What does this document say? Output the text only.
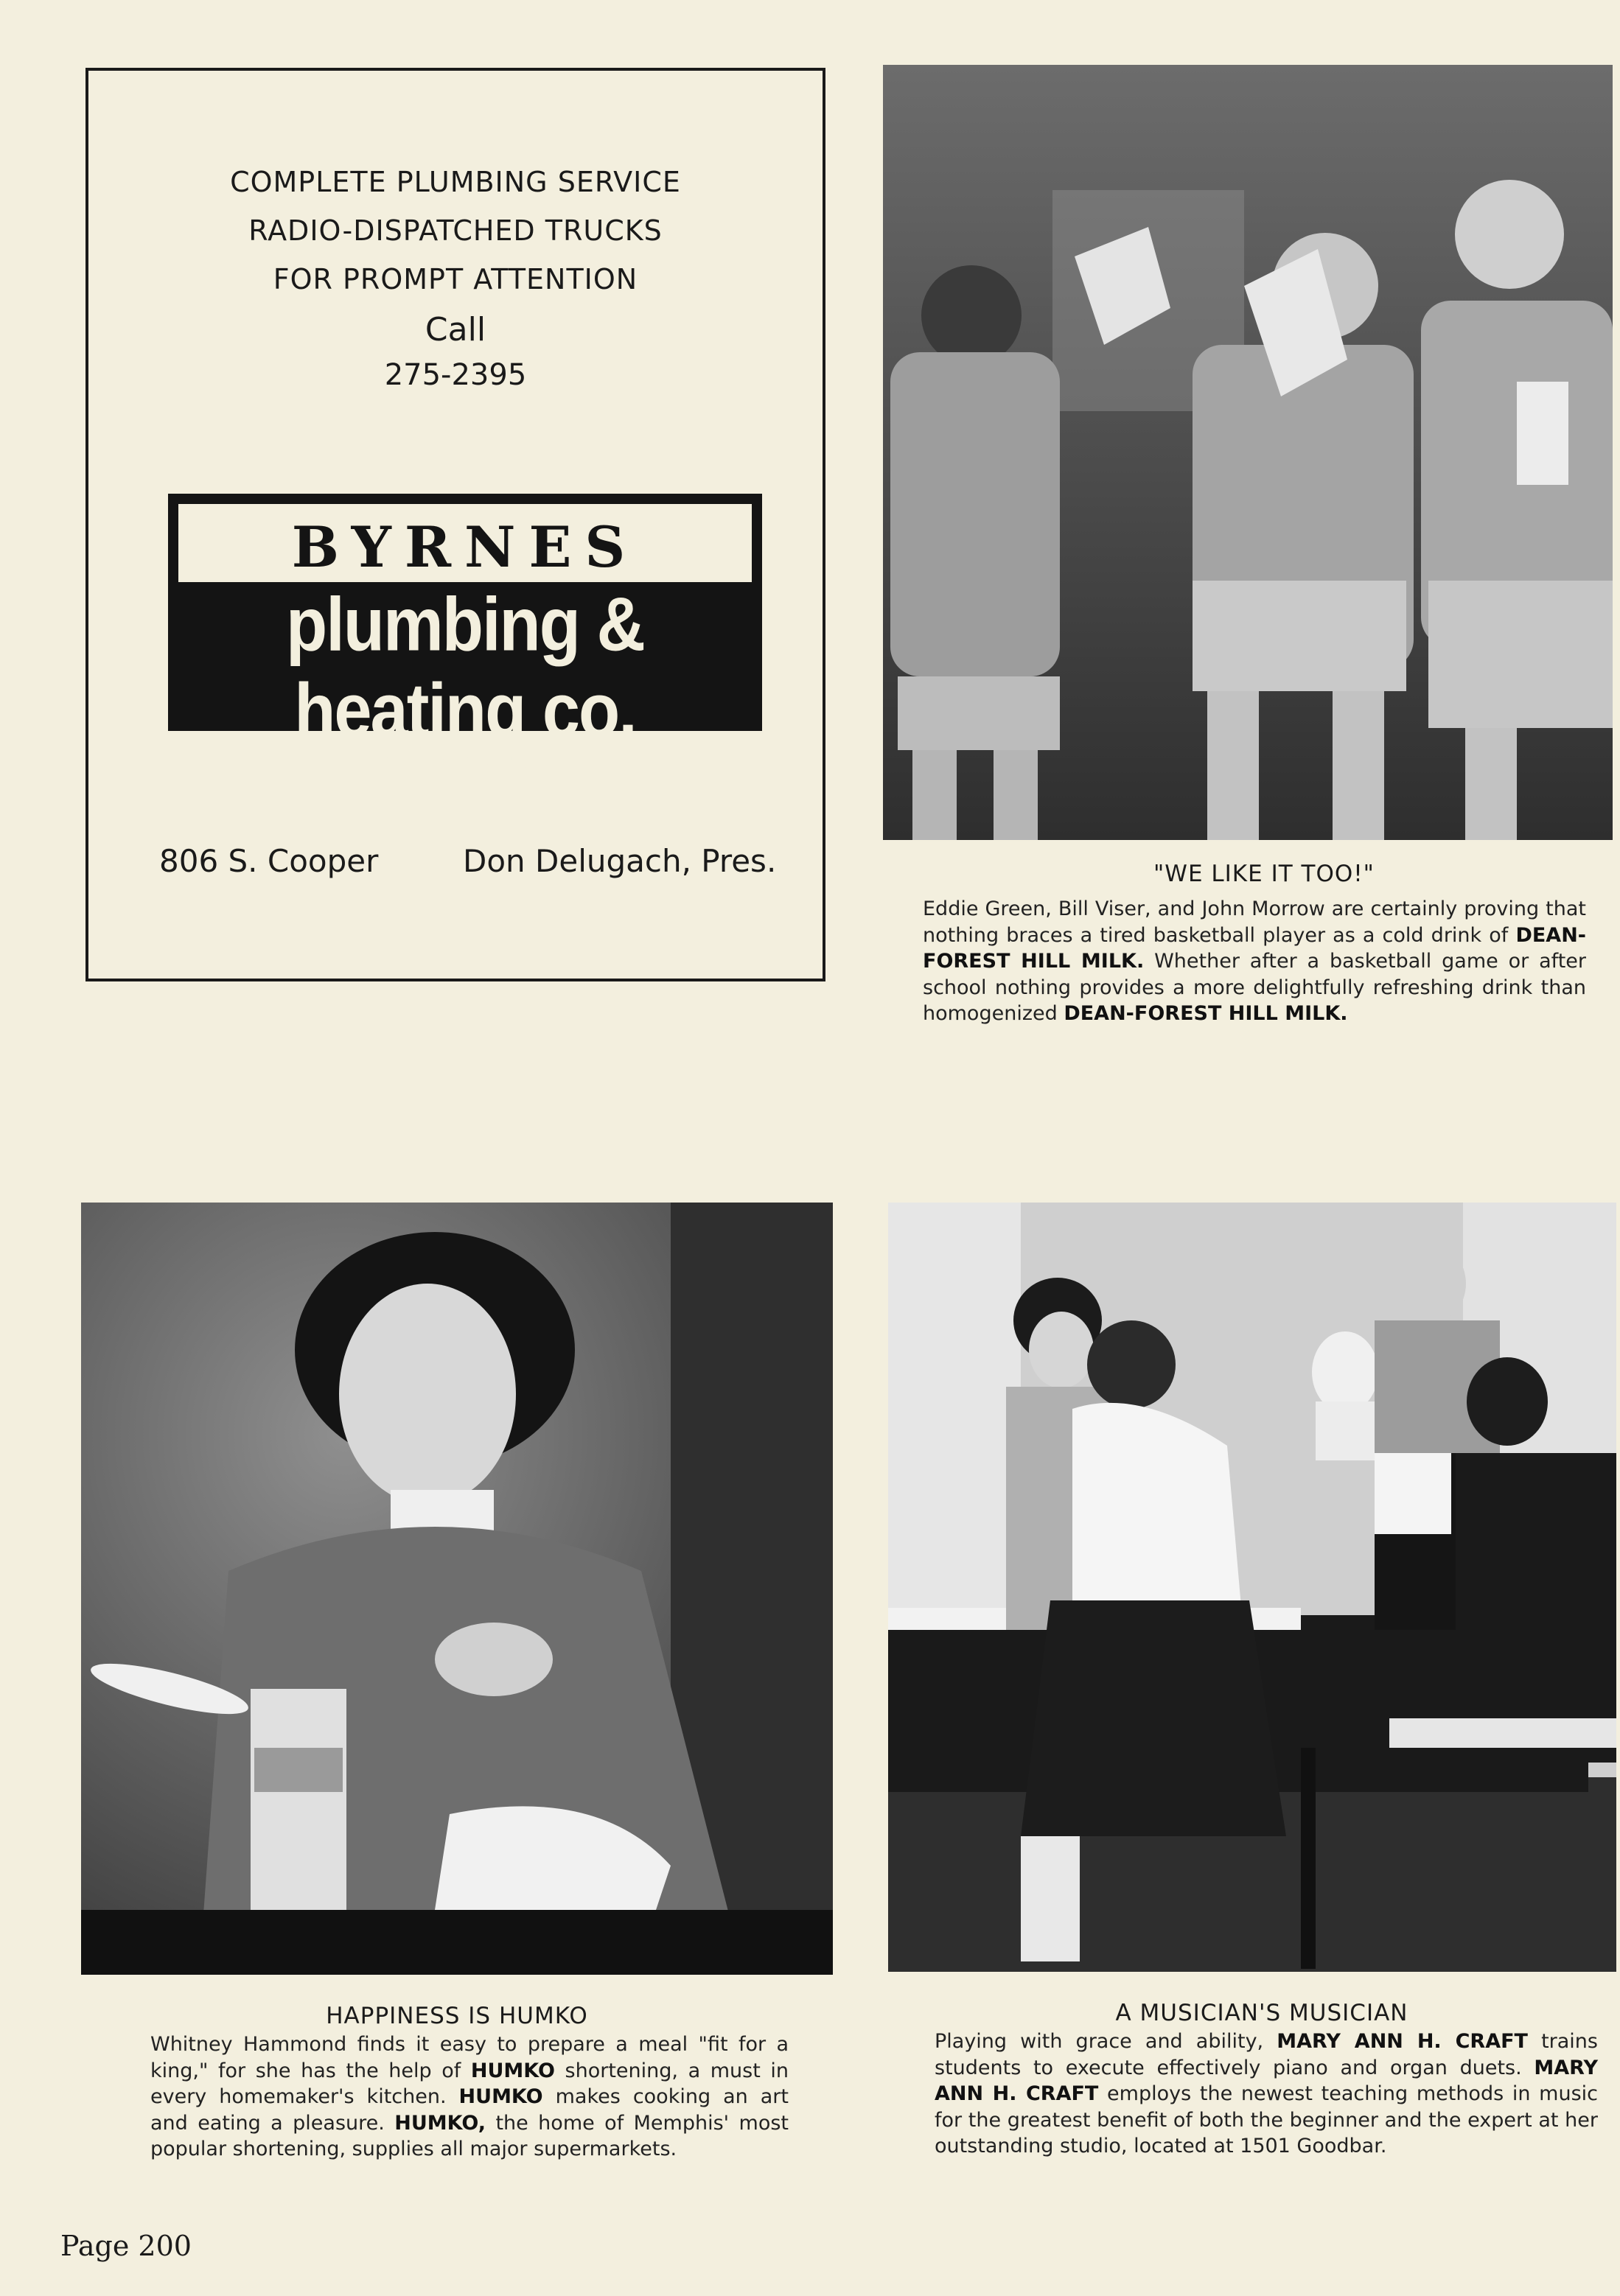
COMPLETE PLUMBING SERVICE
RADIO-DISPATCHED TRUCKS
FOR PROMPT ATTENTION
Call
275-2395
BYRNES
plumbing & heating co.
incorporated
806 S. Cooper	Don Delugach, Pres.	"WE LIKE IT TOO!"
Eddie Green, Bill Viser, and John Morrow are certainly proving that nothing braces a tired basketball player as a cold drink of DEAN-FOREST HILL MILK. Whether after a basketball game or after school nothing provides a more delightfully refreshing drink than homogenized DEAN-FOREST HILL MILK.
HAPPINESS IS HUMKO
Whitney Hammond finds it easy to prepare a meal "fit for a king," for she has the help of HUMKO shortening, a must in every homemaker's kitchen. HUMKO makes cooking an art and eating a pleasure. HUMKO, the home of Memphis' most popular shortening, supplies all major supermarkets.
A MUSICIAN'S MUSICIAN
Playing with grace and ability, MARY ANN H. CRAFT trains students to execute effectively piano and organ duets. MARY ANN H. CRAFT employs the newest teaching methods in music for the greatest benefit of both the beginner and the expert at her outstanding studio, located at 1501 Goodbar.
Page 200
